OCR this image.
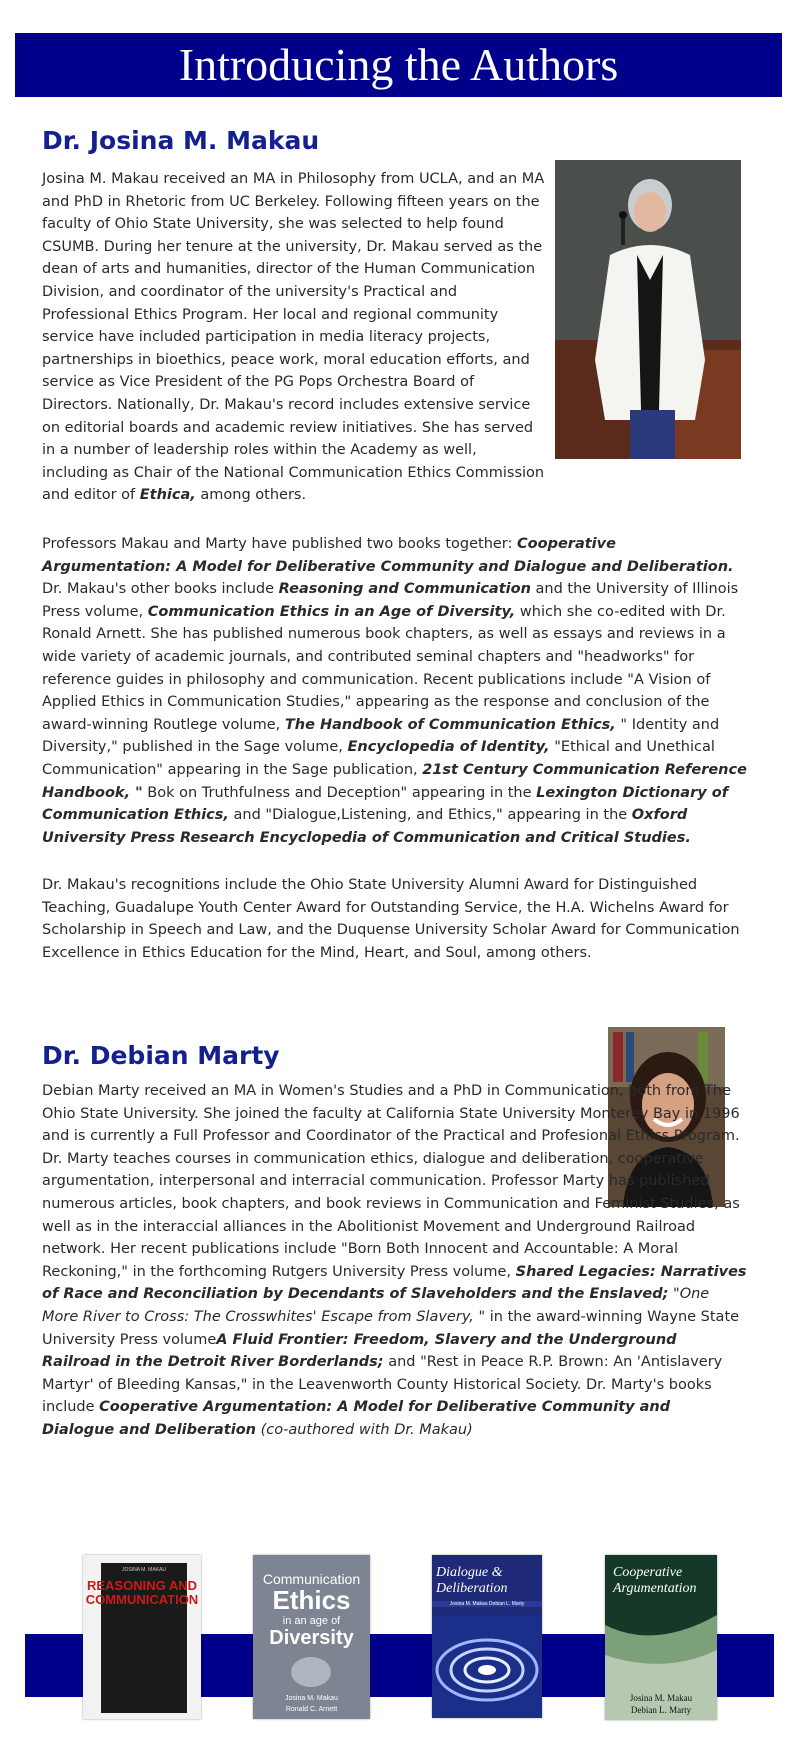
Introducing the Authors
Dr. Josina M. Makau
Josina M. Makau received an MA in Philosophy from UCLA, and an MA and PhD in Rhetoric from UC Berkeley. Following fifteen years on the faculty of Ohio State University, she was selected to help found CSUMB. During her tenure at the university, Dr. Makau served as the dean of arts and humanities, director of the Human Communication Division, and coordinator of the university's Practical and Professional Ethics Program. Her local and regional community service have included participation in media literacy projects, partnerships in bioethics, peace work, moral education efforts, and service as Vice President of the PG Pops Orchestra Board of Directors. Nationally, Dr. Makau's record includes extensive service on editorial boards and academic review initiatives. She has served in a number of leadership roles within the Academy as well, including as Chair of the National Communication Ethics Commission and editor of Ethica, among others.
Professors Makau and Marty have published two books together: Cooperative Argumentation: A Model for Deliberative Community and Dialogue and Deliberation. Dr. Makau's other books include Reasoning and Communication and the University of Illinois Press volume, Communication Ethics in an Age of Diversity, which she co-edited with Dr. Ronald Arnett. She has published numerous book chapters, as well as essays and reviews in a wide variety of academic journals, and contributed seminal chapters and "headworks" for reference guides in philosophy and communication. Recent publications include "A Vision of Applied Ethics in Communication Studies," appearing as the response and conclusion of the award-winning Routlege volume, The Handbook of Communication Ethics, " Identity and Diversity," published in the Sage volume, Encyclopedia of Identity, "Ethical and Unethical Communication" appearing in the Sage publication, 21st Century Communication Reference Handbook, " Bok on Truthfulness and Deception" appearing in the Lexington Dictionary of Communication Ethics, and "Dialogue,Listening, and Ethics," appearing in the Oxford University Press Research Encyclopedia of Communication and Critical Studies.
Dr. Makau's recognitions include the Ohio State University Alumni Award for Distinguished Teaching, Guadalupe Youth Center Award for Outstanding Service, the H.A. Wichelns Award for Scholarship in Speech and Law, and the Duquense University Scholar Award for Communication Excellence in Ethics Education for the Mind, Heart, and Soul, among others.
Dr. Debian Marty
Debian Marty received an MA in Women's Studies and a PhD in Communication, both from The Ohio State University. She joined the faculty at California State University Monterey Bay in 1996 and is currently a Full Professor and Coordinator of the Practical and Profesional Ethics Program. Dr. Marty teaches courses in communication ethics, dialogue and deliberation, cooperative argumentation, interpersonal and interracial communication. Professor Marty has published numerous articles, book chapters, and book reviews in Communication and Feminist Studies, as well as in the interaccial alliances in the Abolitionist Movement and Underground Railroad network. Her recent publications include "Born Both Innocent and Accountable: A Moral Reckoning," in the forthcoming Rutgers University Press volume, Shared Legacies: Narratives of Race and Reconciliation by Decendants of Slaveholders and the Enslaved; "One More River to Cross: The Crosswhites' Escape from Slavery, " in the award-winning Wayne State University Press volumeA Fluid Frontier: Freedom, Slavery and the Underground Railroad in the Detroit River Borderlands; and "Rest in Peace R.P. Brown: An 'Antislavery Martyr' of Bleeding Kansas," in the Leavenworth County Historical Society. Dr. Marty's books include Cooperative Argumentation: A Model for Deliberative Community and Dialogue and Deliberation (co-authored with Dr. Makau)
REASONING AND COMMUNICATION
JOSINA M. MAKAU
Communication
Ethics
in an age of
Diversity
Josina M. Makau
Ronald C. Arnett
Dialogue & Deliberation
Josina M. Makau Debian L. Marty
Cooperative Argumentation
Josina M. Makau
Debian L. Marty
